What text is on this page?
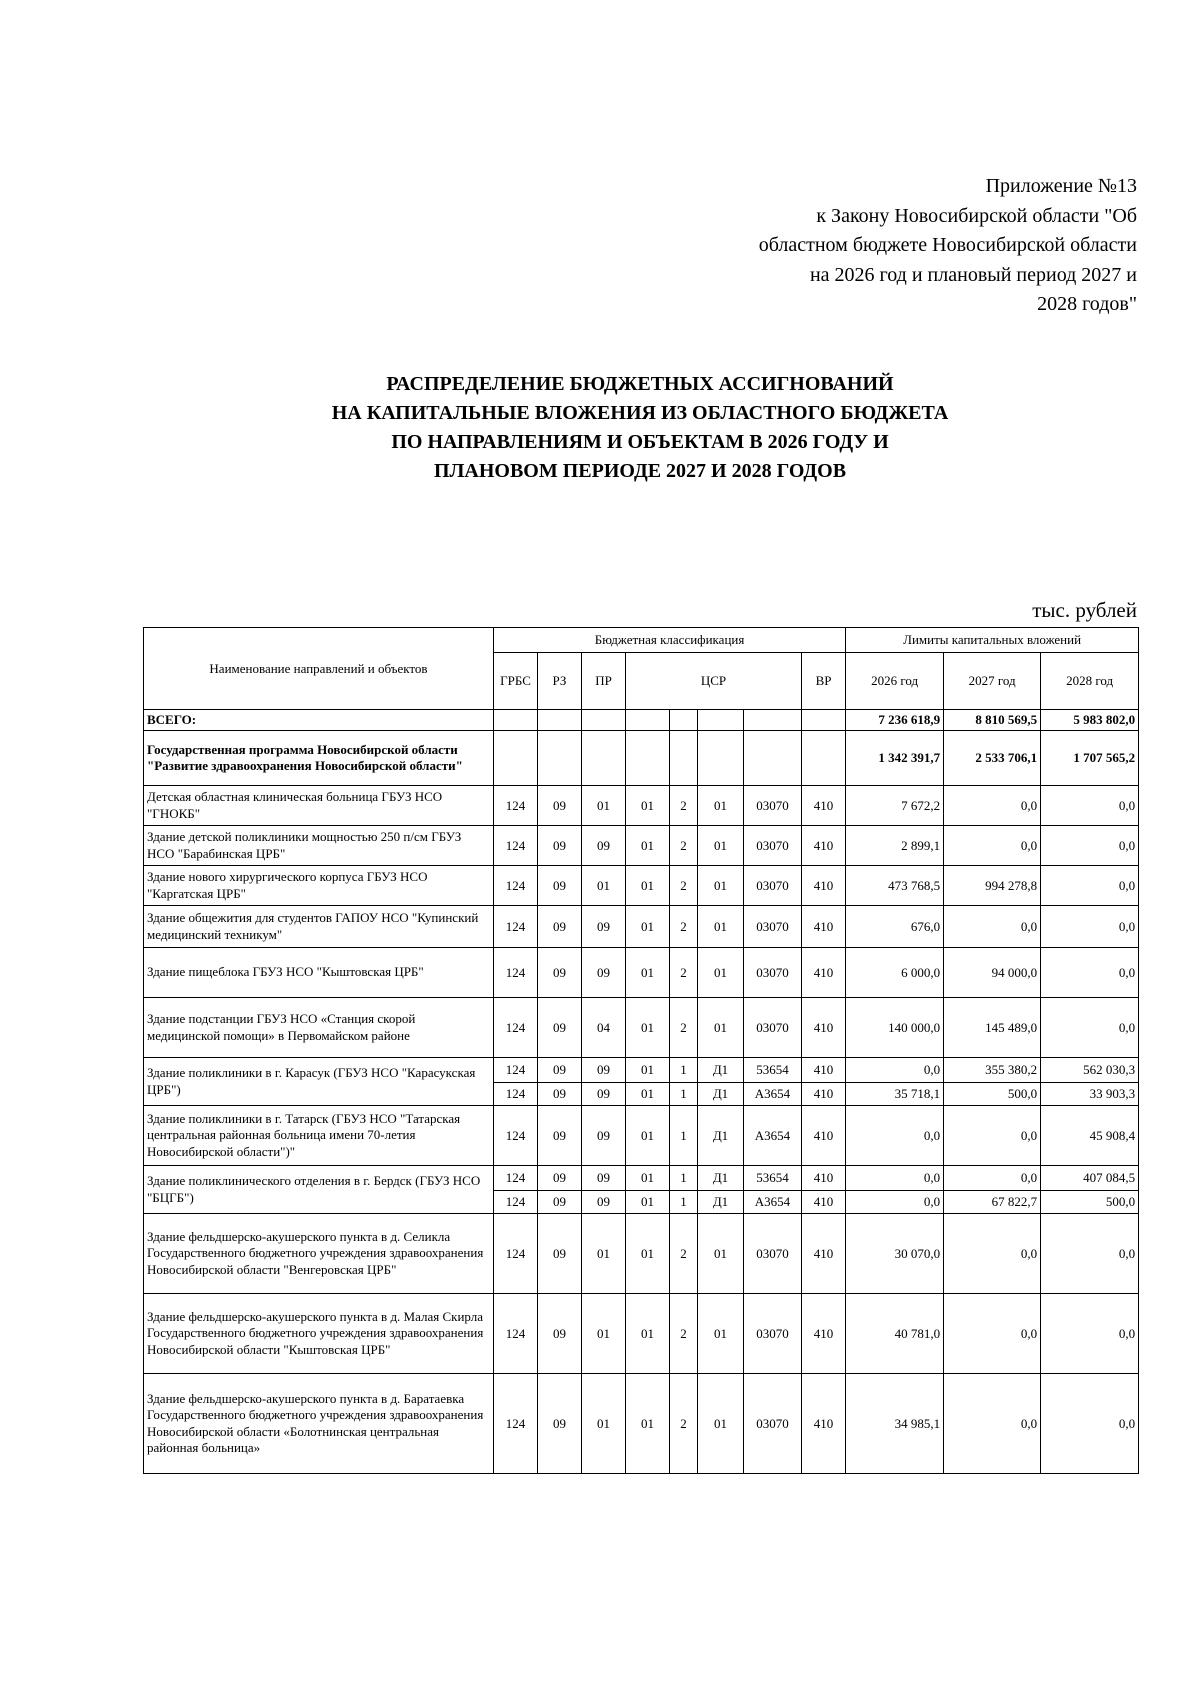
Приложение №13
к Закону Новосибирской области "Об
областном бюджете Новосибирской области
на 2026 год и плановый период 2027 и
2028 годов"
РАСПРЕДЕЛЕНИЕ БЮДЖЕТНЫХ АССИГНОВАНИЙ
НА КАПИТАЛЬНЫЕ ВЛОЖЕНИЯ ИЗ ОБЛАСТНОГО БЮДЖЕТА
ПО НАПРАВЛЕНИЯМ И ОБЪЕКТАМ В 2026 ГОДУ И
ПЛАНОВОМ ПЕРИОДЕ 2027 И 2028 ГОДОВ
тыс. рублей
Наименование направлений и объектов	Бюджетная классификация								Лимиты капитальных вложений		
	ГРБС	РЗ	ПР	ЦСР				ВР	2026 год	2027 год	2028 год
ВСЕГО:									7 236 618,9	8 810 569,5	5 983 802,0
Государственная программа Новосибирской области "Развитие здравоохранения Новосибирской области"									1 342 391,7	2 533 706,1	1 707 565,2
Детская областная клиническая больница ГБУЗ НСО "ГНОКБ"	124	09	01	01	2	01	03070	410	7 672,2	0,0	0,0
Здание детской поликлиники мощностью 250 п/см ГБУЗ НСО "Барабинская ЦРБ"	124	09	09	01	2	01	03070	410	2 899,1	0,0	0,0
Здание нового хирургического корпуса ГБУЗ НСО "Каргатская ЦРБ"	124	09	01	01	2	01	03070	410	473 768,5	994 278,8	0,0
Здание общежития для студентов ГАПОУ НСО "Купинский медицинский техникум"	124	09	09	01	2	01	03070	410	676,0	0,0	0,0
Здание пищеблока ГБУЗ НСО "Кыштовская ЦРБ"	124	09	09	01	2	01	03070	410	6 000,0	94 000,0	0,0
Здание подстанции ГБУЗ НСО «Станция скорой медицинской помощи» в Первомайском районе	124	09	04	01	2	01	03070	410	140 000,0	145 489,0	0,0
Здание поликлиники в г. Карасук (ГБУЗ НСО "Карасукская ЦРБ")	124	09	09	01	1	Д1	53654	410	0,0	355 380,2	562 030,3
	124	09	09	01	1	Д1	А3654	410	35 718,1	500,0	33 903,3
Здание поликлиники в г. Татарск (ГБУЗ НСО "Татарская центральная районная больница имени 70-летия Новосибирской области")"	124	09	09	01	1	Д1	А3654	410	0,0	0,0	45 908,4
Здание поликлинического отделения в г. Бердск (ГБУЗ НСО "БЦГБ")	124	09	09	01	1	Д1	53654	410	0,0	0,0	407 084,5
	124	09	09	01	1	Д1	А3654	410	0,0	67 822,7	500,0
Здание фельдшерско-акушерского пункта в д. Селикла Государственного бюджетного учреждения здравоохранения Новосибирской области "Венгеровская ЦРБ"	124	09	01	01	2	01	03070	410	30 070,0	0,0	0,0
Здание фельдшерско-акушерского пункта в д. Малая Скирла Государственного бюджетного учреждения здравоохранения Новосибирской области "Кыштовская ЦРБ"	124	09	01	01	2	01	03070	410	40 781,0	0,0	0,0
Здание фельдшерско-акушерского пункта в д. Баратаевка Государственного бюджетного учреждения здравоохранения Новосибирской области «Болотнинская центральная районная больница»	124	09	01	01	2	01	03070	410	34 985,1	0,0	0,0
